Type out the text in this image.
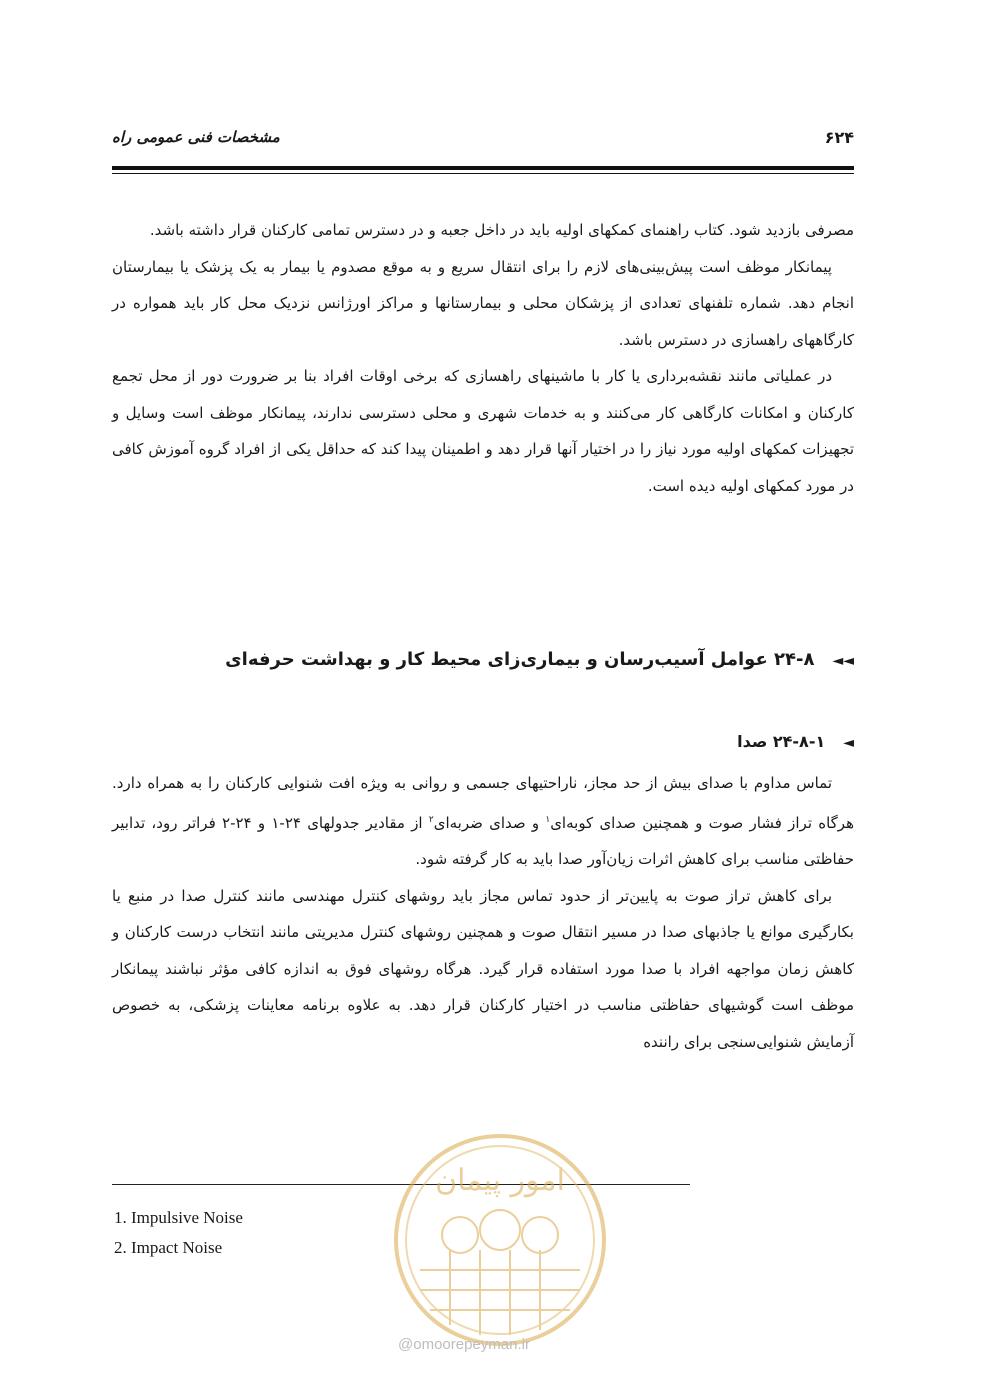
مشخصات فنی عمومی راه	۶۲۴

مصرفی بازدید شود. کتاب راهنمای کمکهای اولیه باید در داخل جعبه و در دسترس تمامی کارکنان قرار داشته باشد.

پیمانکار موظف است پیش‌بینی‌های لازم را برای انتقال سریع و به موقع مصدوم یا بیمار به یک پزشک یا بیمارستان انجام دهد. شماره تلفنهای تعدادی از پزشکان محلی و بیمارستانها و مراکز اورژانس نزدیک محل کار باید همواره در کارگاههای راهسازی در دسترس باشد.

در عملیاتی مانند نقشه‌برداری یا کار با ماشینهای راهسازی که برخی اوقات افراد بنا بر ضرورت دور از محل تجمع کارکنان و امکانات کارگاهی کار می‌کنند و به خدمات شهری و محلی دسترسی ندارند، پیمانکار موظف است وسایل و تجهیزات کمکهای اولیه مورد نیاز را در اختیار آنها قرار دهد و اطمینان پیدا کند که حداقل یکی از افراد گروه آموزش کافی در مورد کمکهای اولیه دیده است.

◄◄۲۴-۸ عوامل آسیب‌رسان و بیماری‌زای محیط کار و بهداشت حرفه‌ای
◄۲۴-۸-۱ صدا

تماس مداوم با صدای بیش از حد مجاز، ناراحتیهای جسمی و روانی به ویژه افت شنوایی کارکنان را به همراه دارد. هرگاه تراز فشار صوت و همچنین صدای کوبه‌ای$^۱$ و صدای ضربه‌ای$^۲$ از مقادیر جدولهای ۲۴-۱ و ۲۴-۲ فراتر رود، تدابیر حفاظتی مناسب برای کاهش اثرات زیان‌آور صدا باید به کار گرفته شود.

برای کاهش تراز صوت به پایین‌تر از حدود تماس مجاز باید روشهای کنترل مهندسی مانند کنترل صدا در منبع یا بکارگیری موانع یا جاذبهای صدا در مسیر انتقال صوت و همچنین روشهای کنترل مدیریتی مانند انتخاب درست کارکنان و کاهش زمان مواجهه افراد با صدا مورد استفاده قرار گیرد. هرگاه روشهای فوق به اندازه کافی مؤثر نباشند پیمانکار موظف است گوشیهای حفاظتی مناسب در اختیار کارکنان قرار دهد. به علاوه برنامه معاینات پزشکی، به خصوص آزمایش شنوایی‌سنجی برای راننده

1. Impulsive Noise
2. Impact Noise
امور پیمان
@omoorepeyman.ir
